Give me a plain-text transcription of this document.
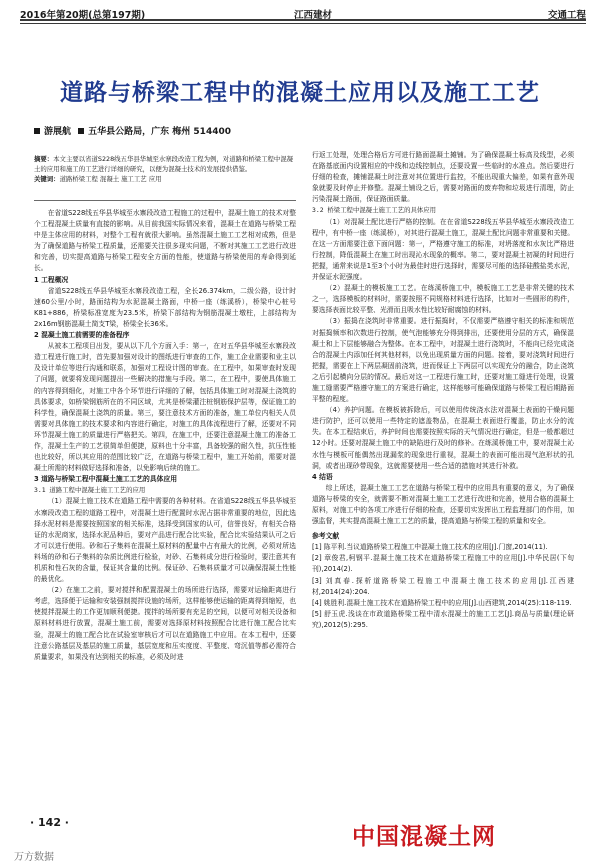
2016年第20期(总第197期)	江西建材	交通工程
道路与桥梁工程中的混凝土应用以及施工工艺
游展航 五华县公路局，广东 梅州 514400

摘要：本文主要以省道S228线五华县华城至水寨段改造工程为例，对道路和桥梁工程中混凝土的应用和施工的工艺进行详细的研究，以便为混凝土技术的发展提供借鉴。

关键词：道路桥梁工程 混凝土 施工工艺 应用

在省道S228线五华县华城至水寨段改造工程施工的过程中，混凝土施工的技术对整个工程混凝土质量有直接的影响。从目前我国实际情况来看，混凝土在道路与桥梁工程中是主体应用的材料，对整个工程有就很大影响。虽然混凝土施工工艺相对成熟，但是为了确保道路与桥梁工程质量，还需要关注很多现实问题，不断对其施工工艺进行改进和完善，切实提高道路与桥梁工程安全方面的性能，使道路与桥梁使用的寿命得到延长。

1 工程概况

省道S228线五华县华城至水寨段改造工程，全长26.374km，二级公路，设计时速60公里/小时，路面结构为水泥混凝土路面，中桥一座（练溪桥），桥梁中心桩号K81+886，桥梁标准宽度为23.5米，桥梁下部结构为钢筋混凝土墩柱，上部结构为2x16m钢筋混凝土简支T梁，桥梁全长36米。

2 混凝土施工前需要的准备程序

从被本工程项目出发，要从以下几个方面入手：第一，在对五华县华城至水寨段改造工程进行施工时，首先要加强对设计的图纸进行审查的工作，施工企业需要和业主以及设计单位等进行沟通和联系，加强对工程设计图的审查。在工程中，如果审查时发现了问题，就要将发现问题提出一些解决的措施与手段。第二，在工程中，要使具体施工的内容得到细化，对施工中各个环节进行详细的了解，包括具体施工时对混凝土浇筑的具体要求，如桥梁钢筋所在的不同区域，尤其是桥梁灌注桩钢筋保护层等，保证施工的科学性，确保混凝土浇筑的质量。第三，要注意技术方面的准备，施工单位内相关人员需要对具体施工的技术要求和内容进行确定，对施工的具体流程进行了解，还要对不同环节混凝土施工的质量进行严格把关。第四，在施工中，还要注意混凝土施工的准备工作，混凝土生产的工艺很简单但便捷，原料也十分丰富，具备较强的耐久性，抗压性能也比较好，所以其应用的范围比较广泛，在道路与桥梁工程中，施工开始前，需要对混凝土所需的材料做好选择和准备，以免影响后续的施工。

3 道路与桥梁工程中混凝土施工工艺的具体应用

3.1 道路工程中混凝土施工工艺的应用

（1）混凝土施工技术在道路工程中需要的各种材料。在省道S228线五华县华城至水寨段改造工程的道路工程中，对混凝土进行配置时水泥占据非常重要的地位，因此选择水泥材料是需要按照国家的相关标准，选择受到国家的认可，信誉良好，有相关合格证的水泥商家，选择水泥品种后，要对产品进行配合比实验，配合比实验结果认可之后才可以进行使用。砂和石子集料在混凝土原材料的配量中占有最大的比例，必须对所选料场的砂和石子集料的杂质比例进行检验，对砂、石集料成分进行检验时，要注意其有机质和性石灰的含量，保证其含量的比例。保证砂、石集料质量才可以确保混凝土性能的最优化。

（2）在施工之前，要对搅拌和配置混凝土的场所进行选择，需要对运输距离进行考虑，选择便于运输和安装强制搅拌设施的场所，这样能够使运输的距离得到缩短，也使搅拌混凝土的工作更加顺利便捷。搅拌的场所要有充足的空间，以便可对相关设备和原料材料进行放置，混凝土施工前，需要对选择原材料按照配合比进行施工配合比实验，混凝土的施工配合比在试验室审核后才可以在道路施工中应用。在本工程中，还要注意公路基层及基层的施工质量，基层宽度和压实度度、平整度、弯沉值等都必需符合质量要求，如果没有达到相关的标准，必须及时进

行返工处理，处理合格后方可进行路面混凝土摊铺。为了确保混凝土标高及线型，必须在路基底面内设置相应的中线和边线控制点，还要设置一些临时的水准点。然后要进行仔细的检查，摊铺混凝土时注意对其位置进行监控，不能出现重大偏差，如果有意外现象就要及时停止并修整。混凝土铺设之后，需要对路面的废弃物和垃圾进行清理，防止污染混凝土路面，保证路面质量。

3.2 桥梁工程中混凝土施工工艺的具体应用

（1）对混凝土配比进行严格的控制。在在省道S228线五华县华城至水寨段改造工程中，有中桥一座（练溪桥），对其进行混凝土施工，混凝土配比问题非常重要和关键。在这一方面需要注意下面问题：第一，严格遵守施工的标准，对坍落度和水灰比严格进行控制，降低混凝土在施工时出现沁水现象的概率。第二，要对混凝土初凝的时间进行把握，通常来说是1至3个小时为最佳时进行选择时，需要尽可能的选择硅酸盐类水泥，并保证水泥强度。

（2）混凝土的模板施工工艺。在练溪桥施工中，模板施工工艺是非常关键的技术之一，选择模板的材料时，需要按照不同规格材料进行选择，比如对一些圆形的构件，要选择表面比较平整、光滑而且吸水性比较好耐腐蚀的材料。

（3）振捣在浇筑时非常重要。进行振捣时，不仅需要严格遵守相关的标准和规范对振捣频率和次数进行控制，使气泡能够充分得到排出，还要使用分层的方式，确保混凝土和上下层能够融合为整体。在本工程中，对混凝土进行浇筑时，不能向已经完成浇合的混凝土内添加任何其他材料，以免出现质量方面的问题。接着，要对浇筑时间进行把握，需要在上下两层凝固前浇筑，进而保证上下两层可以实现充分的融合，防止浇筑之后引起横向分层的情况。最后对这一工程进行施工时，还要对施工缝进行处理，设置施工缝需要严格遵守施工的方案进行确定，这样能够可能确保道路与桥梁工程后期路面平整的程度。

（4）养护问题。在模板被拆除后，可以使用传统浇水法对混凝土表面的干燥问题进行防护，还可以使用一些特定的遮盖物品，在混凝土表面进行覆盖，防止水分的流失。在本工程结束后，养护时间也需要按照实际的天气情况进行确定，但是一般都超过12小时。还要对混凝土施工中的缺陷进行及时的修补。在练溪桥施工中，要对混凝土沁水性与模板可能偶然出现漏浆的现象进行重视，混凝土的表面可能出现气泡形状的孔洞，或者出现砂带现象，这就需要使用一些合适的措施对其进行补救。

4 结语

综上所述，混凝土施工工艺在道路与桥梁工程中的应用具有重要的意义，为了确保道路与桥梁的安全，就需要不断对混凝土施工工艺进行改进和完善，使用合格的混凝土原料，对施工中的各项工序进行仔细的检查，还要切实发挥出工程监理部门的作用，加强监督，其实提高混凝土施工工艺的质量，提高道路与桥梁工程的质量和安全。

参考文献

[1] 陈平利.当议道路桥梁工程施工中混凝土施工技术的应用[J].门窗,2014(11).

[2] 章俊君,柯钢平.混凝土施工技术在道路桥梁工程施工中的应用[J].中华民居(下旬刊),2014(2).

[3] 刘真春.探析道路桥梁工程施工中混凝土施工技术的应用[J].江西建材,2014(24):204.

[4] 姚胜利.混凝土施工技术在道路桥梁工程中的应用[J].山西建筑,2014(25):118-119.

[5] 舒玉虎.浅谈在市政道路桥梁工程中清水混凝土的施工工艺[J].商品与质量(理论研究),2012(5):295.

· 142 ·
中国混凝土网
万方数据
